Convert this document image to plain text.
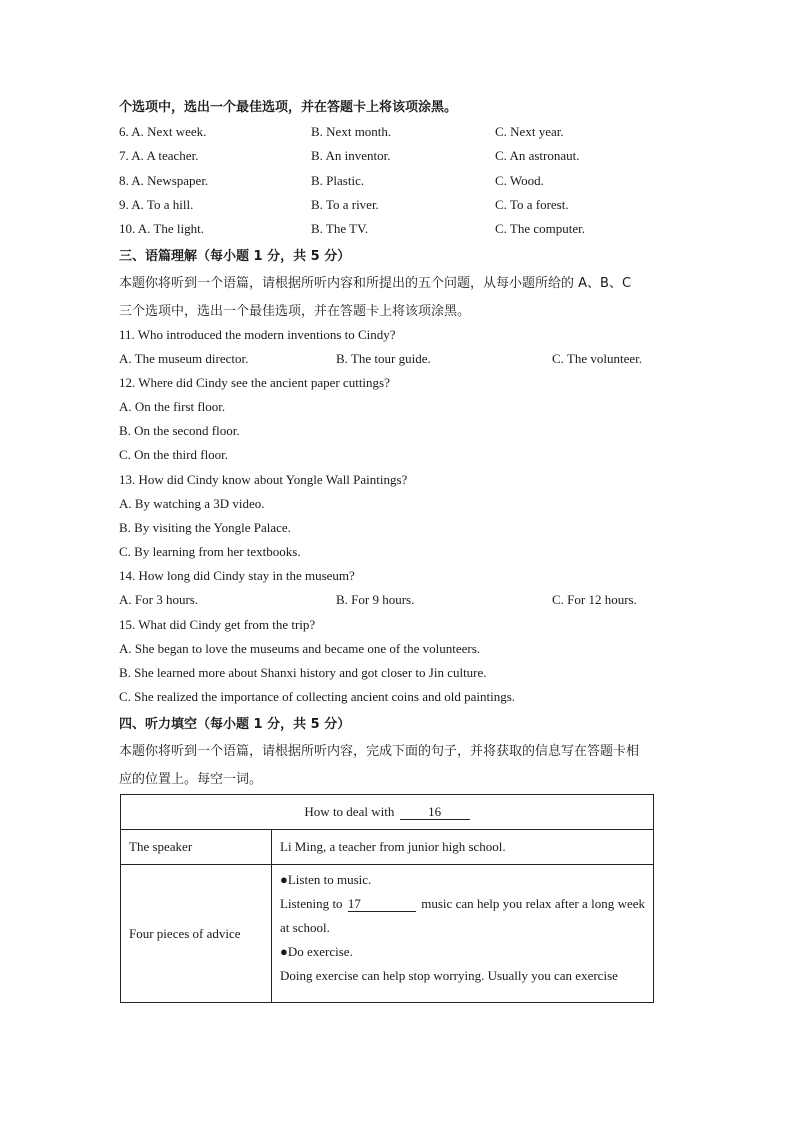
个选项中，选出一个最佳选项，并在答题卡上将该项涂黑。
6. A. Next week.	B. Next month.	C. Next year.
7. A. A teacher.	B. An inventor.	C. An astronaut.
8. A. Newspaper.	B. Plastic.	C. Wood.
9. A. To a hill.	B. To a river.	C. To a forest.
10. A. The light.	B. The TV.	C. The computer.
三、语篇理解（每小题 1 分，共 5 分）
本题你将听到一个语篇，请根据所听内容和所提出的五个问题，从每小题所给的 A、B、C
三个选项中，选出一个最佳选项，并在答题卡上将该项涂黑。
11. Who introduced the modern inventions to Cindy?
A. The museum director.	B. The tour guide.	C. The volunteer.
12. Where did Cindy see the ancient paper cuttings?
A. On the first floor.
B. On the second floor.
C. On the third floor.
13. How did Cindy know about Yongle Wall Paintings?
A. By watching a 3D video.
B. By visiting the Yongle Palace.
C. By learning from her textbooks.
14. How long did Cindy stay in the museum?
A. For 3 hours.	B. For 9 hours.	C. For 12 hours.
15. What did Cindy get from the trip?
A. She began to love the museums and became one of the volunteers.
B. She learned more about Shanxi history and got closer to Jin culture.
C. She realized the importance of collecting ancient coins and old paintings.
四、听力填空（每小题 1 分，共 5 分）
本题你将听到一个语篇，请根据所听内容，完成下面的句子，并将获取的信息写在答题卡相
应的位置上。每空一词。
How to deal with 16	
The speaker	Li Ming, a teacher from junior high school.
Four pieces of advice	●Listen to music.
Listening to 17 music can help you relax after a long week at school.
●Do exercise.
Doing exercise can help stop worrying. Usually you can exercise
